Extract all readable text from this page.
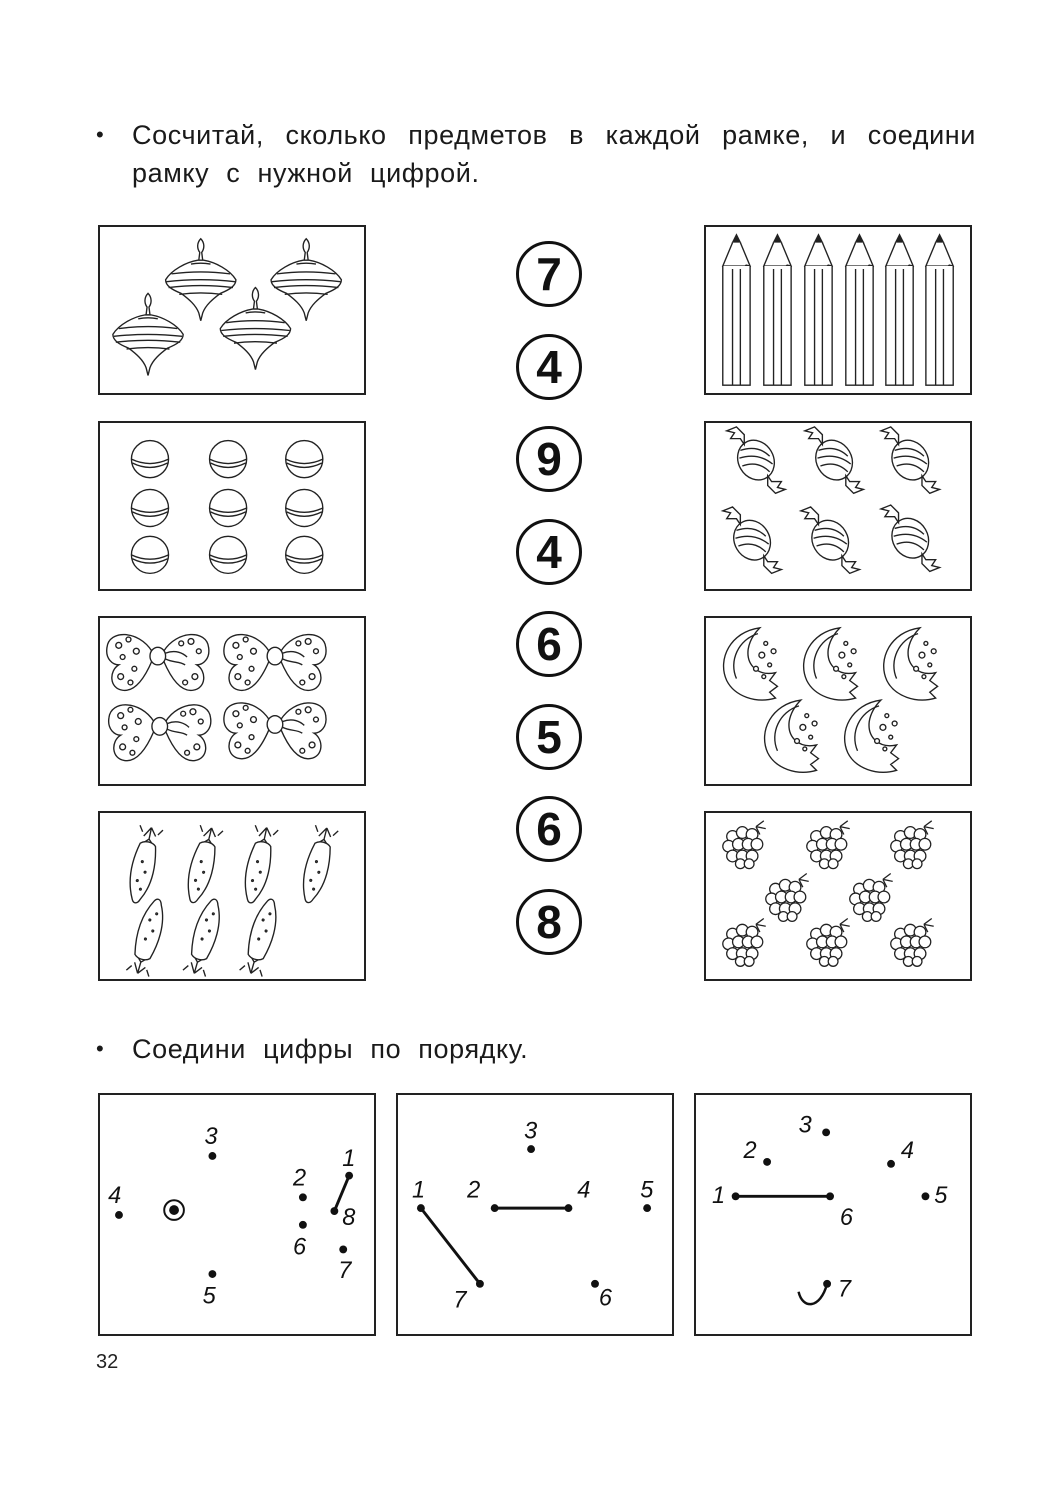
• Сосчитай, сколько предметов в каждой рамке, и соедини рамку с нужной цифрой.
7
4
9
4
6
5
6
8
• Соедини цифры по порядку.
4
3
2
1
8
6
7
5
3
2	4
1	5
7	6
3
2	4
1
6
5
7
32
